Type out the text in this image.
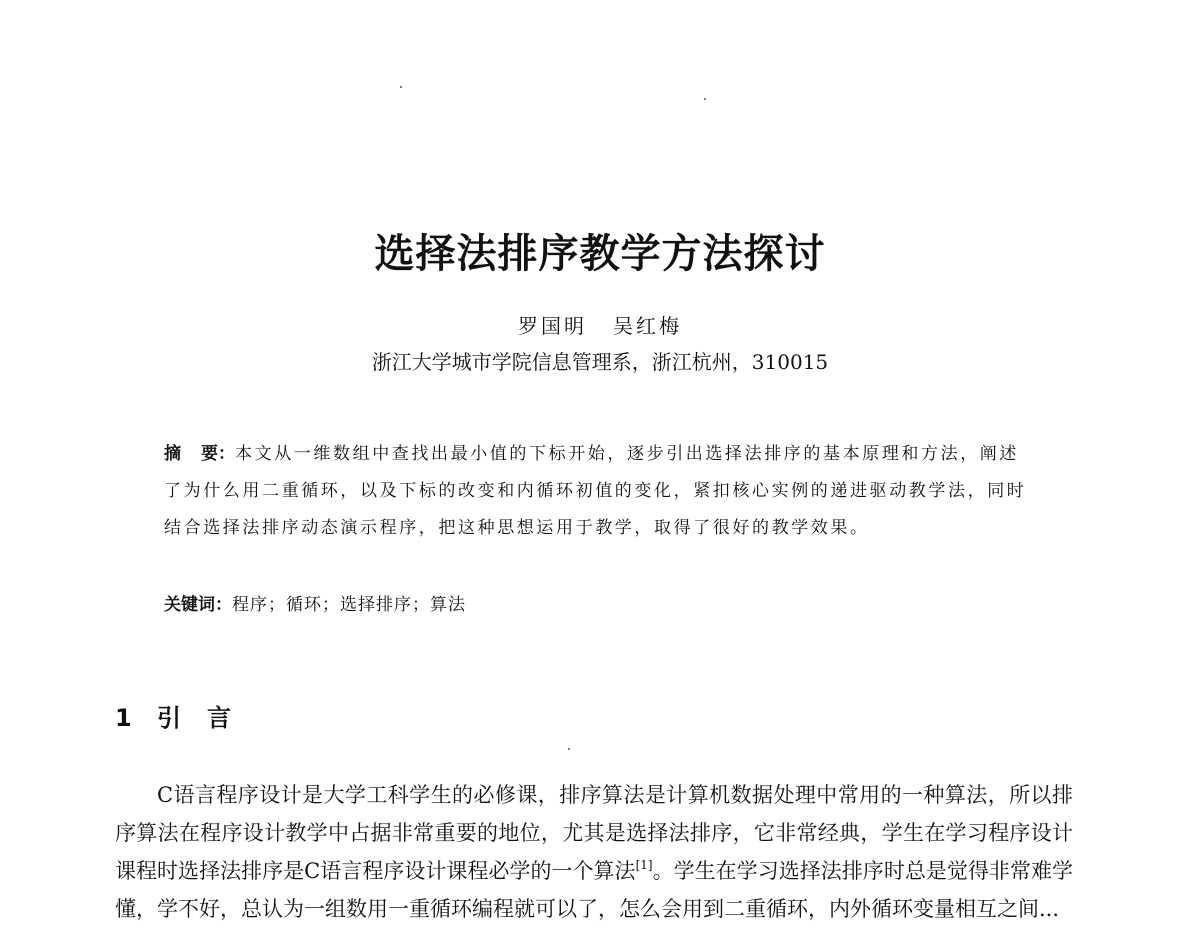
选择法排序教学方法探讨
罗国明 吴红梅
浙江大学城市学院信息管理系，浙江杭州，310015
摘 要：本文从一维数组中查找出最小值的下标开始，逐步引出选择法排序的基本原理和方法，阐述了为什么用二重循环，以及下标的改变和内循环初值的变化，紧扣核心实例的递进驱动教学法，同时结合选择法排序动态演示程序，把这种思想运用于教学，取得了很好的教学效果。
关键词：程序；循环；选择排序；算法
1 引言
C语言程序设计是大学工科学生的必修课，排序算法是计算机数据处理中常用的一种算法，所以排序算法在程序设计教学中占据非常重要的地位，尤其是选择法排序，它非常经典，学生在学习程序设计课程时选择法排序是C语言程序设计课程必学的一个算法[1]。学生在学习选择法排序时总是觉得非常难学懂，学不好，总认为一组数用一重循环编程就可以了，怎么会用到二重循环，内外循环变量相互之间...
